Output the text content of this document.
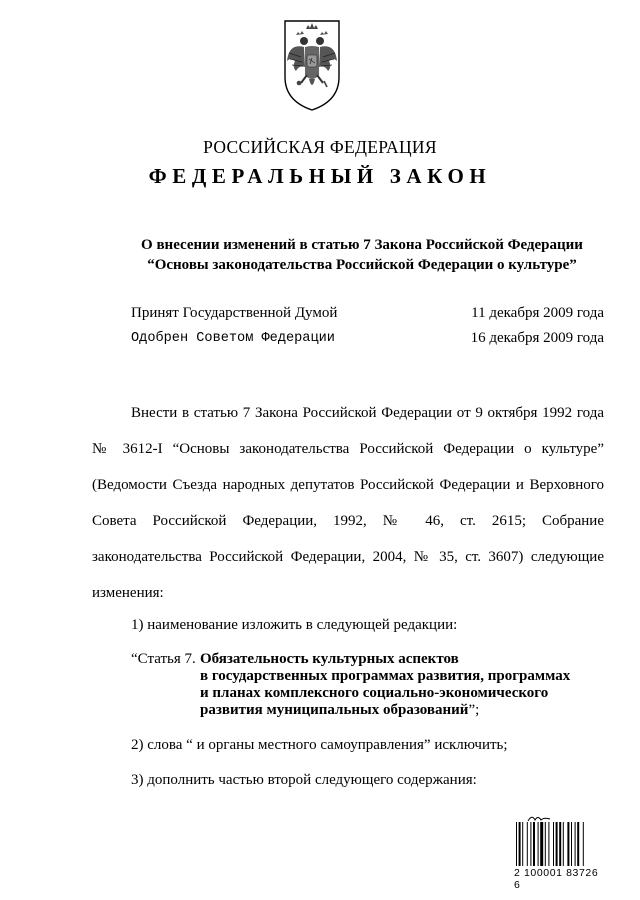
РОССИЙСКАЯ ФЕДЕРАЦИЯ
ФЕДЕРАЛЬНЫЙ ЗАКОН
О внесении изменений в статью 7 Закона Российской Федерации
“Основы законодательства Российской Федерации о культуре”
Принят Государственной Думой	11 декабря 2009 года
Одобрен Советом Федерации	16 декабря 2009 года
Внести в статью 7 Закона Российской Федерации от 9 октября 1992 года
№ 3612-I “Основы законодательства Российской Федерации о культуре”
(Ведомости Съезда народных депутатов Российской Федерации и Верховного
Совета Российской Федерации, 1992, № 46, ст. 2615; Собрание
законодательства Российской Федерации, 2004, № 35, ст. 3607) следующие
изменения:
1) наименование изложить в следующей редакции:
“Статья 7. Обязательность культурных аспектов
в государственных программах развития, программах
и планах комплексного социально-экономического
развития муниципальных образований”;
2) слова “ и органы местного самоуправления” исключить;
3) дополнить частью второй следующего содержания:
2 100001 83726 6
